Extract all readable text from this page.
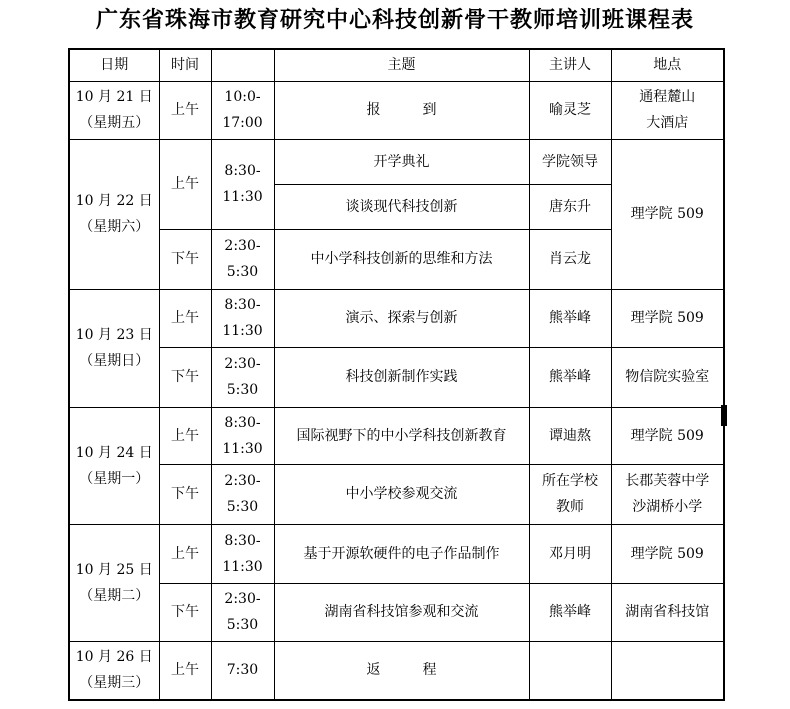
广东省珠海市教育研究中心科技创新骨干教师培训班课程表
日期	时间		主题	主讲人	地点

10 月 21 日
（星期五）	上午	10:0-
17:00	报　　　到	喻灵芝	通程麓山
大酒店

10 月 22 日
（星期六）	上午	8:30-
11:30	开学典礼	学院领导	理学院 509
			谈谈现代科技创新	唐东升	
	下午	2:30-
5:30	中小学科技创新的思维和方法	肖云龙	

10 月 23 日
（星期日）	上午	8:30-
11:30	演示、探索与创新	熊举峰	理学院 509
	下午	2:30-
5:30	科技创新制作实践	熊举峰	物信院实验室

10 月 24 日
（星期一）	上午	8:30-
11:30	国际视野下的中小学科技创新教育	谭迪熬	理学院 509
	下午	2:30-
5:30	中小学校参观交流	所在学校
教师	长郡芙蓉中学
沙湖桥小学

10 月 25 日
（星期二）	上午	8:30-
11:30	基于开源软硬件的电子作品制作	邓月明	理学院 509
	下午	2:30-
5:30	湖南省科技馆参观和交流	熊举峰	湖南省科技馆

10 月 26 日
（星期三）	上午	7:30	返　　　程		
